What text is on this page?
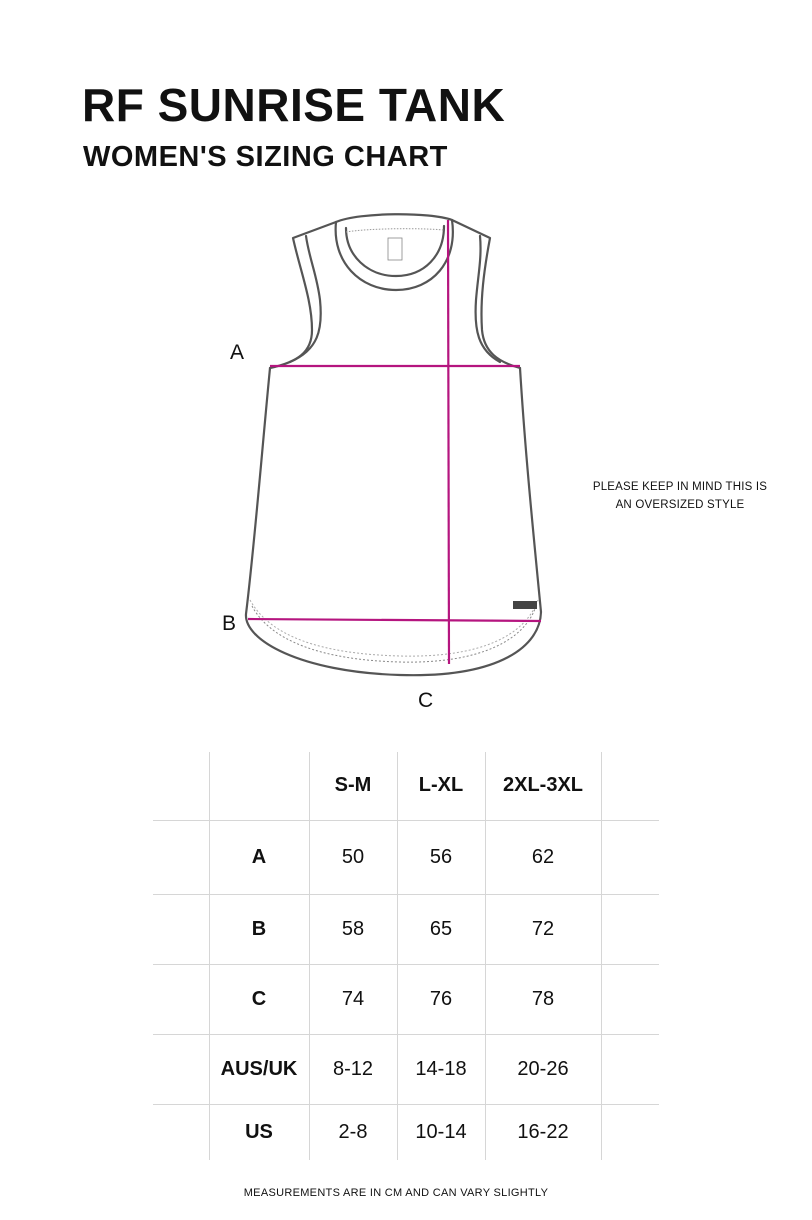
RF SUNRISE TANK
WOMEN'S SIZING CHART
A
B
C
PLEASE KEEP IN MIND THIS IS
AN OVERSIZED STYLE
		S-M	L-XL	2XL-3XL	
	A	50	56	62	
	B	58	65	72	
	C	74	76	78	
	AUS/UK	8-12	14-18	20-26	
	US	2-8	10-14	16-22	
MEASUREMENTS ARE IN CM AND CAN VARY SLIGHTLY
